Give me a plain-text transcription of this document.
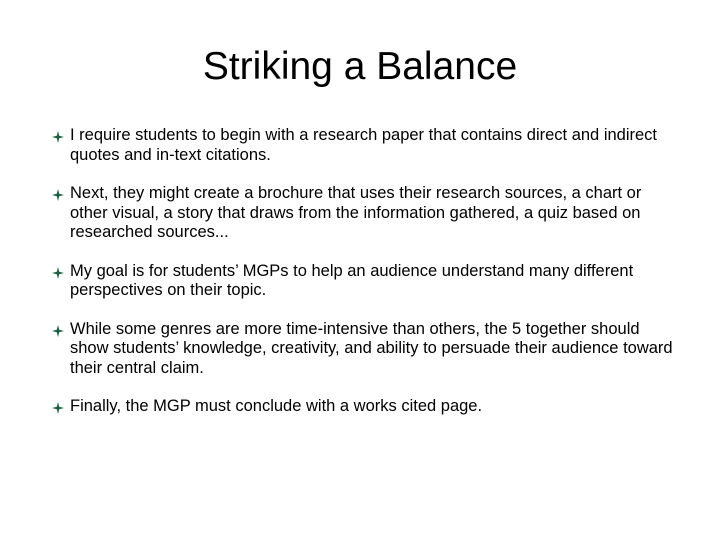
Striking a Balance
I require students to begin with a research paper that contains direct and indirect quotes and in-text citations.
Next, they might create a brochure that uses their research sources, a chart or other visual, a story that draws from the information gathered, a quiz based on researched sources...
My goal is for students’ MGPs to help an audience understand many different perspectives on their topic.
While some genres are more time-intensive than others, the 5 together should show students’ knowledge, creativity, and ability to persuade their audience toward their central claim.
Finally, the MGP must conclude with a works cited page.
